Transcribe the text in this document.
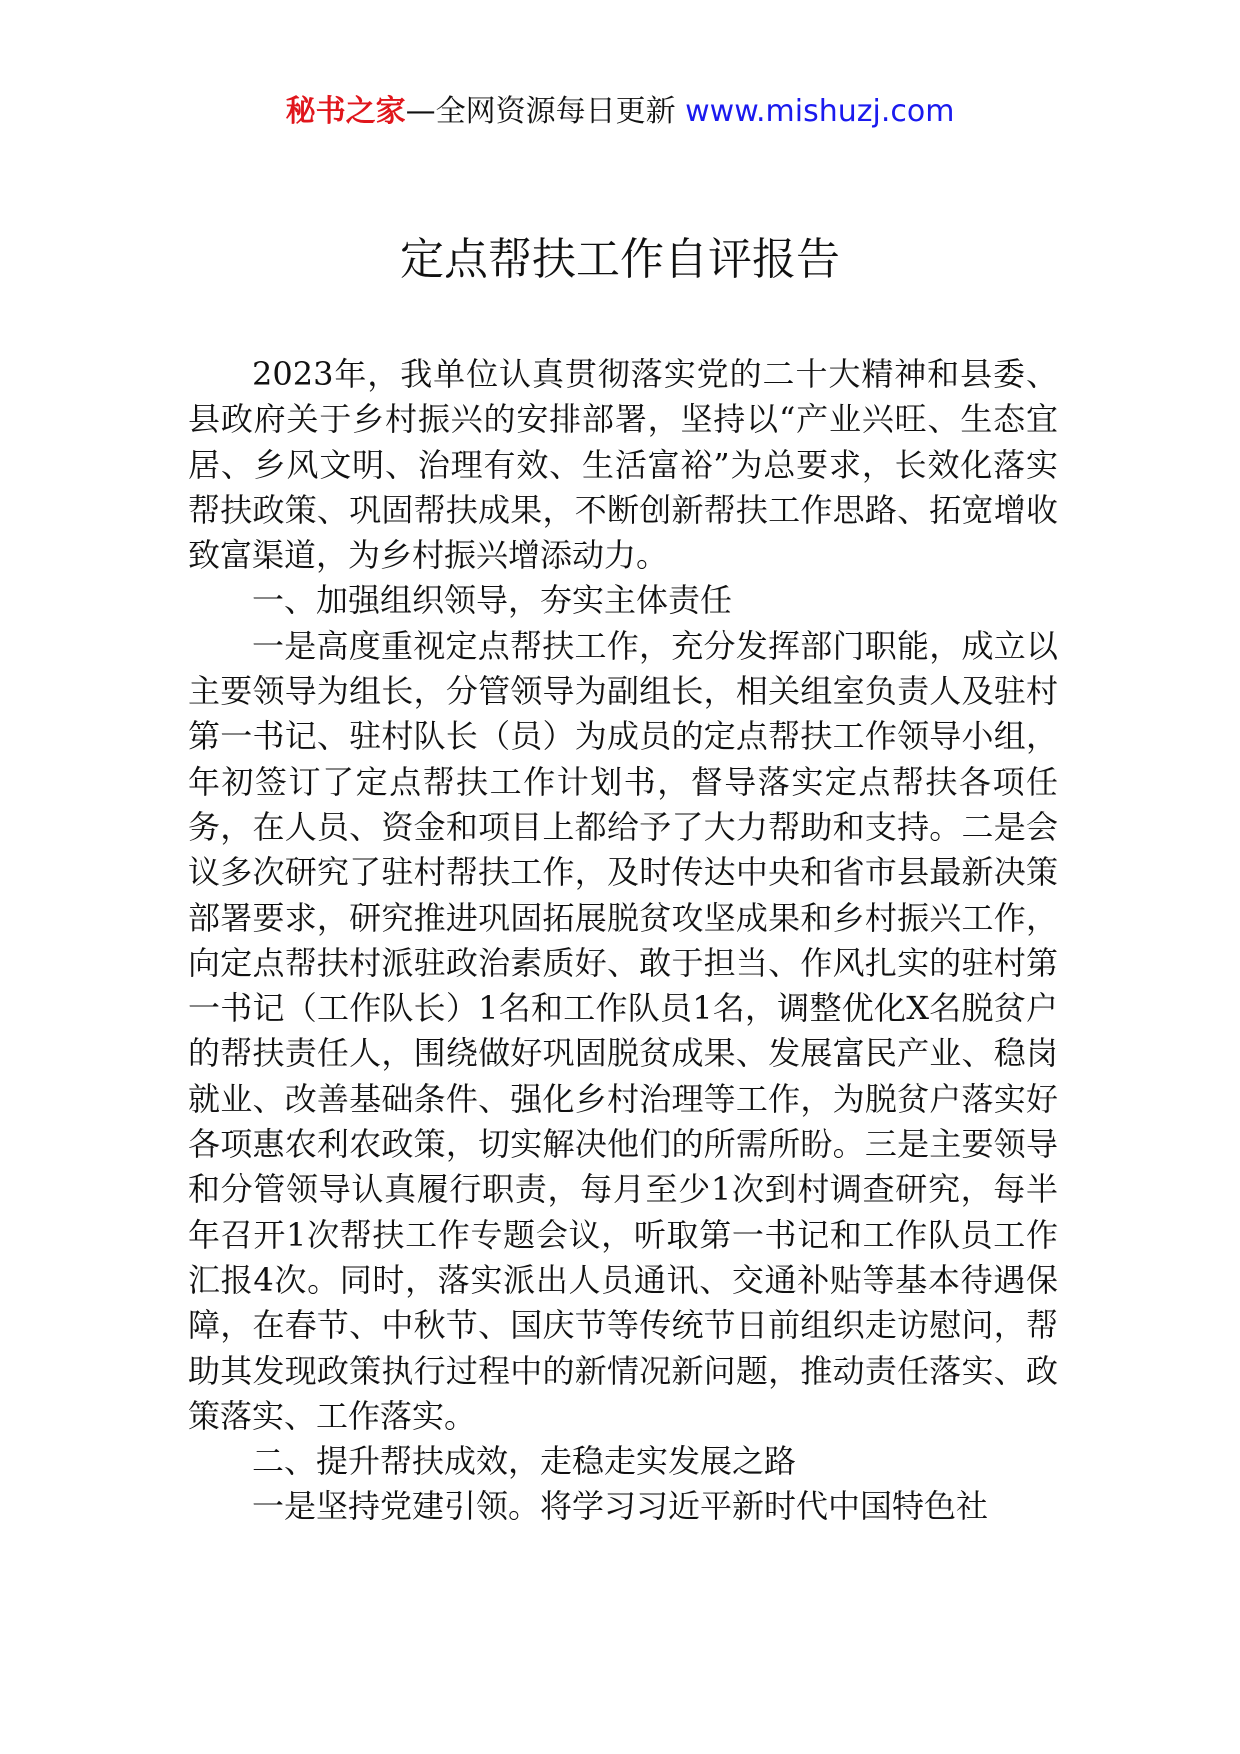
秘书之家—全网资源每日更新 www.mishuzj.com
定点帮扶工作自评报告

2023年，我单位认真贯彻落实党的二十大精神和县委、县政府关于乡村振兴的安排部署，坚持以“产业兴旺、生态宜居、乡风文明、治理有效、生活富裕”为总要求，长效化落实帮扶政策、巩固帮扶成果，不断创新帮扶工作思路、拓宽增收致富渠道，为乡村振兴增添动力。

一、加强组织领导，夯实主体责任

一是高度重视定点帮扶工作，充分发挥部门职能，成立以主要领导为组长，分管领导为副组长，相关组室负责人及驻村第一书记、驻村队长（员）为成员的定点帮扶工作领导小组，年初签订了定点帮扶工作计划书，督导落实定点帮扶各项任务，在人员、资金和项目上都给予了大力帮助和支持。二是会议多次研究了驻村帮扶工作，及时传达中央和省市县最新决策部署要求，研究推进巩固拓展脱贫攻坚成果和乡村振兴工作，向定点帮扶村派驻政治素质好、敢于担当、作风扎实的驻村第一书记（工作队长）1名和工作队员1名，调整优化X名脱贫户的帮扶责任人，围绕做好巩固脱贫成果、发展富民产业、稳岗就业、改善基础条件、强化乡村治理等工作，为脱贫户落实好各项惠农利农政策，切实解决他们的所需所盼。三是主要领导和分管领导认真履行职责，每月至少1次到村调查研究，每半年召开1次帮扶工作专题会议，听取第一书记和工作队员工作汇报4次。同时，落实派出人员通讯、交通补贴等基本待遇保障，在春节、中秋节、国庆节等传统节日前组织走访慰问，帮助其发现政策执行过程中的新情况新问题，推动责任落实、政策落实、工作落实。

二、提升帮扶成效，走稳走实发展之路

一是坚持党建引领。将学习习近平新时代中国特色社
